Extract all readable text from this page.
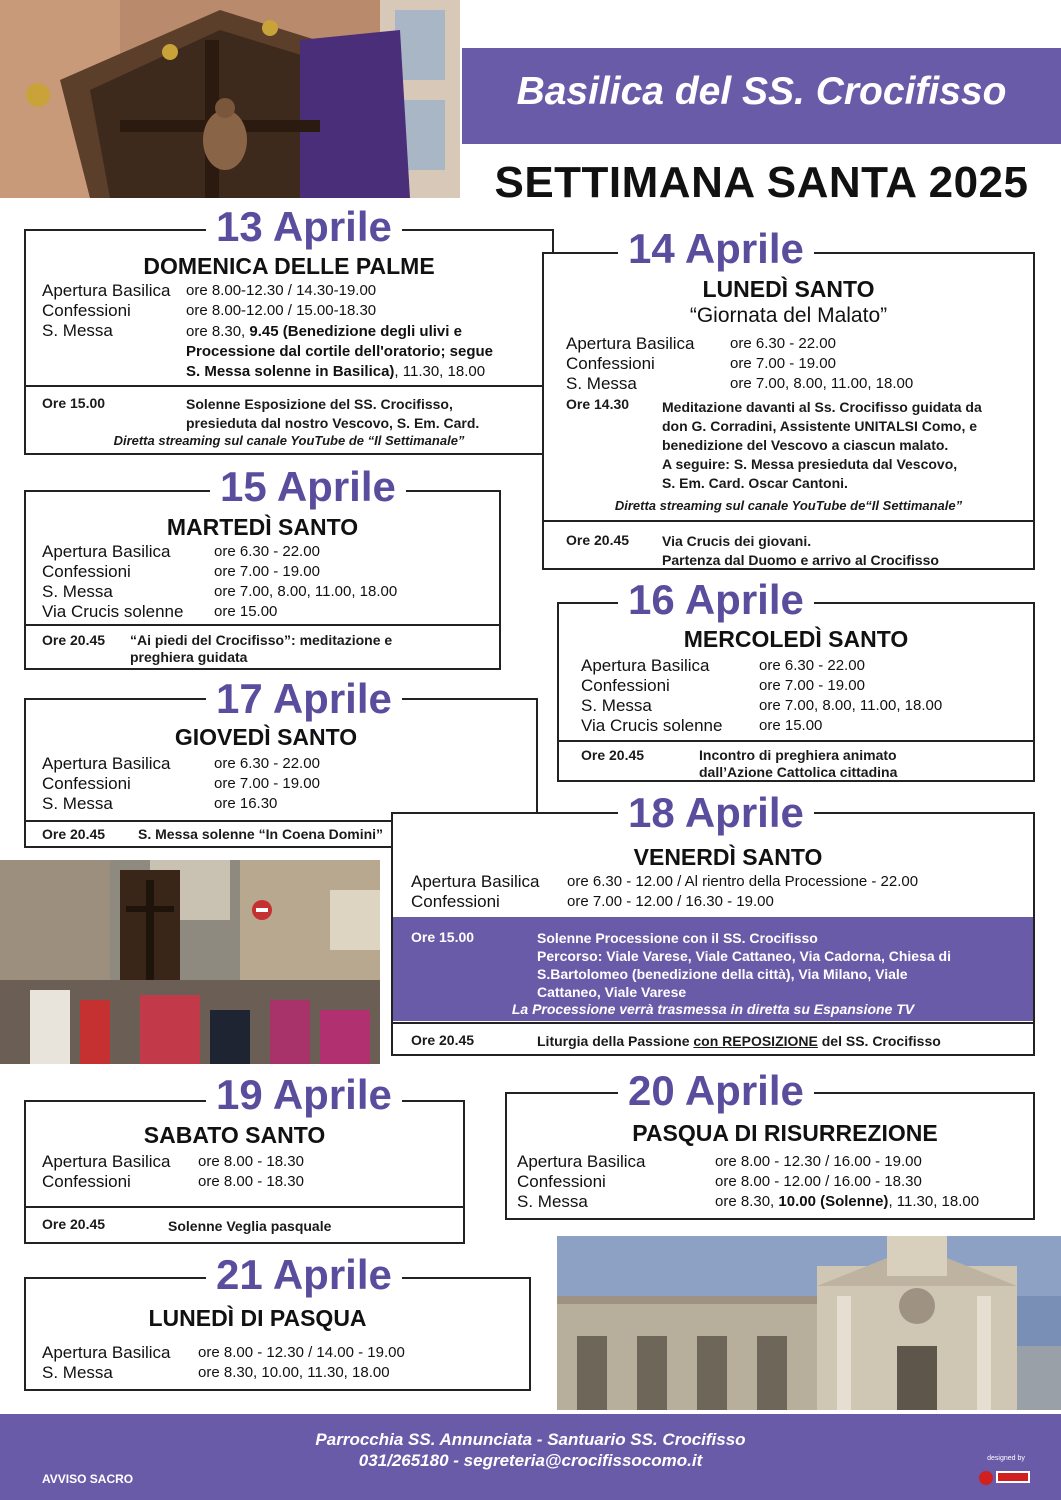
Basilica del SS. Crocifisso
SETTIMANA SANTA 2025
DOMENICA DELLE PALME
Apertura Basilica ore 8.00-12.30 / 14.30-19.00
Confessioni	ore 8.00-12.00 / 15.00-18.30
S. Messa	ore 8.30, 9.45 (Benedizione degli ulivi e
Processione dal cortile dell'oratorio; segue
S. Messa solenne in Basilica), 11.30, 18.00
Ore 15.00	Solenne Esposizione del SS. Crocifisso,
presieduta dal nostro Vescovo, S. Em. Card.
Diretta streaming sul canale YouTube de “Il Settimanale”
13 Aprile
LUNEDÌ SANTO
“Giornata del Malato”
Apertura Basilica ore 6.30 - 22.00
Confessioni	ore 7.00 - 19.00
S. Messa	ore 7.00, 8.00, 11.00, 18.00
Ore 14.30 Meditazione davanti al Ss. Crocifisso guidata da
don G. Corradini, Assistente UNITALSI Como, e
benedizione del Vescovo a ciascun malato.
A seguire: S. Messa presieduta dal Vescovo,
S. Em. Card. Oscar Cantoni.
Diretta streaming sul canale YouTube de“Il Settimanale”
Ore 20.45 Via Crucis dei giovani.
Partenza dal Duomo e arrivo al Crocifisso
14 Aprile
MARTEDÌ SANTO
Apertura Basilica	ore 6.30 - 22.00
Confessioni	ore 7.00 - 19.00
S. Messa	ore 7.00, 8.00, 11.00, 18.00
Via Crucis solenne ore 15.00
Ore 20.45 “Ai piedi del Crocifisso”: meditazione e
preghiera guidata
15 Aprile
MERCOLEDÌ SANTO
Apertura Basilica	ore 6.30 - 22.00
Confessioni	ore 7.00 - 19.00
S. Messa	ore 7.00, 8.00, 11.00, 18.00
Via Crucis solenne ore 15.00
Ore 20.45	Incontro di preghiera animato
dall’Azione Cattolica cittadina
16 Aprile
GIOVEDÌ SANTO
Apertura Basilica	ore 6.30 - 22.00
Confessioni	ore 7.00 - 19.00
S. Messa	ore 16.30
Ore 20.45 S. Messa solenne “In Coena Domini”
17 Aprile
VENERDÌ SANTO
Apertura Basilica ore 6.30 - 12.00 / Al rientro della Processione - 22.00
Confessioni	ore 7.00 - 12.00 / 16.30 - 19.00
Ore 15.00	Solenne Processione con il SS. Crocifisso
Percorso: Viale Varese, Viale Cattaneo, Via Cadorna, Chiesa di
S.Bartolomeo (benedizione della città), Via Milano, Viale
Cattaneo, Viale Varese
La Processione verrà trasmessa in diretta su Espansione TV
Ore 20.45	Liturgia della Passione con REPOSIZIONE del SS. Crocifisso
18 Aprile
SABATO SANTO
Apertura Basilica ore 8.00 - 18.30
Confessioni	ore 8.00 - 18.30
Ore 20.45	Solenne Veglia pasquale
19 Aprile
PASQUA DI RISURREZIONE
Apertura Basilica	ore 8.00 - 12.30 / 16.00 - 19.00
Confessioni	ore 8.00 - 12.00 / 16.00 - 18.30
S. Messa	ore 8.30, 10.00 (Solenne), 11.30, 18.00
20 Aprile
LUNEDÌ DI PASQUA
Apertura Basilica ore 8.00 - 12.30 / 14.00 - 19.00
S. Messa	ore 8.30, 10.00, 11.30, 18.00
21 Aprile
Parrocchia SS. Annunciata - Santuario SS. Crocifisso
031/265180 - segreteria@crocifissocomo.it
AVVISO SACRO
designed by
